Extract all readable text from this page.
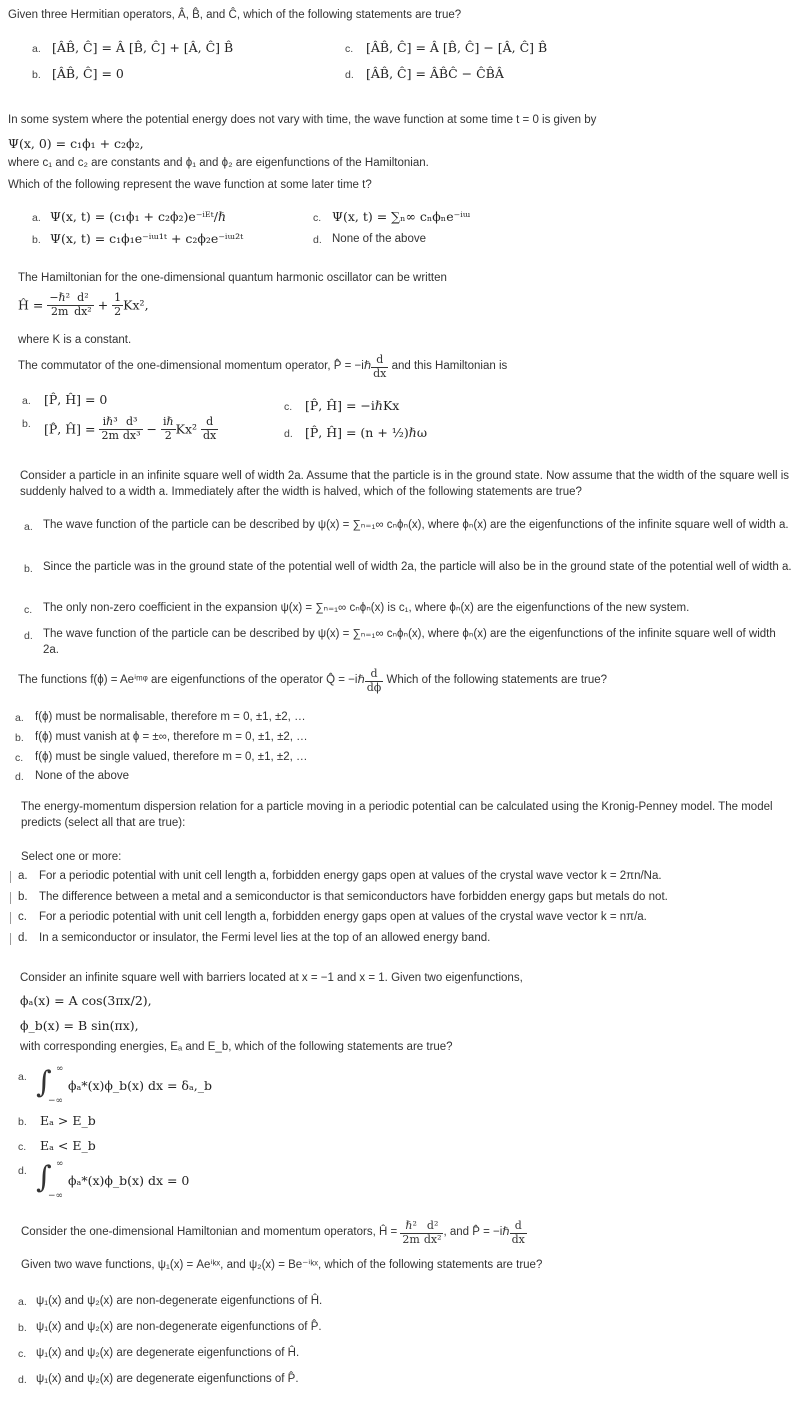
Given three Hermitian operators, Â, B̂, and Ĉ, which of the following statements are true?
a. [ÂB̂, Ĉ] = Â [B̂, Ĉ] + [Â, Ĉ] B̂
b. [ÂB̂, Ĉ] = 0
c. [ÂB̂, Ĉ] = Â [B̂, Ĉ] − [Â, Ĉ] B̂
d. [ÂB̂, Ĉ] = ÂB̂Ĉ − ĈB̂Â
In some system where the potential energy does not vary with time, the wave function at some time t = 0 is given by
Ψ(x, 0) = c₁ϕ₁ + c₂ϕ₂,
where c₁ and c₂ are constants and ϕ₁ and ϕ₂ are eigenfunctions of the Hamiltonian.
Which of the following represent the wave function at some later time t?
a. Ψ(x, t) = (c₁ϕ₁ + c₂ϕ₂)e⁻ⁱᴱᵗ/ℏ
b. Ψ(x, t) = c₁ϕ₁e⁻ⁱᵚ¹ᵗ + c₂ϕ₂e⁻ⁱᵚ²ᵗ
c. Ψ(x, t) = ∑ₙ∞ cₙϕₙe⁻ⁱᵚ
d. None of the above
The Hamiltonian for the one-dimensional quantum harmonic oscillator can be written
Ĥ = $\frac{\text{−ℏ²}}{2m} \frac{\text{d²}}{\text{dx²}} + \frac{1}{2} Kx^2$,
where K is a constant.
The commutator of the one-dimensional momentum operator, P̂ = −iℏ $\frac{d}{dx}$ and this Hamiltonian is
a. [P̂, Ĥ] = 0
b. [P̂, Ĥ] = $\frac{\text{iℏ³}}{2m} \frac{\text{d³}}{\text{dx³}} - \frac{\text{iℏ}}{2} Kx^2 \frac{d}{dx}$
c. [P̂, Ĥ] = −iℏKx
d. [P̂, Ĥ] = (n + ½)ℏω
Consider a particle in an infinite square well of width 2a. Assume that the particle is in the ground state. Now assume that the width of the square well is suddenly halved to a width a. Immediately after the width is halved, which of the following statements are true?
a. The wave function of the particle can be described by ψ(x) = ∑ₙ₌₁∞ cₙϕₙ(x), where ϕₙ(x) are the eigenfunctions of the infinite square well of width a.
b. Since the particle was in the ground state of the potential well of width 2a, the particle will also be in the ground state of the potential well of width a.
c. The only non-zero coefficient in the expansion ψ(x) = ∑ₙ₌₁∞ cₙϕₙ(x) is c₁, where ϕₙ(x) are the eigenfunctions of the new system.
d. The wave function of the particle can be described by ψ(x) = ∑ₙ₌₁∞ cₙϕₙ(x), where ϕₙ(x) are the eigenfunctions of the infinite square well of width 2a.
The functions f(ϕ) = Aeⁱᵐᵠ are eigenfunctions of the operator Q̂ = −iℏ $\frac{d}{d\phi}$ Which of the following statements are true?
a. f(ϕ) must be normalisable, therefore m = 0, ±1, ±2, …
b. f(ϕ) must vanish at ϕ = ±∞, therefore m = 0, ±1, ±2, …
c. f(ϕ) must be single valued, therefore m = 0, ±1, ±2, …
d. None of the above
The energy-momentum dispersion relation for a particle moving in a periodic potential can be calculated using the Kronig-Penney model. The model predicts (select all that are true):
Select one or more:
a. For a periodic potential with unit cell length a, forbidden energy gaps open at values of the crystal wave vector k = 2πn/Na.
b. The difference between a metal and a semiconductor is that semiconductors have forbidden energy gaps but metals do not.
c. For a periodic potential with unit cell length a, forbidden energy gaps open at values of the crystal wave vector k = nπ/a.
d. In a semiconductor or insulator, the Fermi level lies at the top of an allowed energy band.
Consider an infinite square well with barriers located at x = −1 and x = 1. Given two eigenfunctions,
ϕₐ(x) = A cos(3πx/2),
ϕ_b(x) = B sin(πx),
with corresponding energies, Eₐ and E_b, which of the following statements are true?
a. ∫ ∞
−∞
ϕₐ*(x)ϕ_b(x) dx = δₐ,_b
b. Eₐ > E_b
c. Eₐ < E_b
d. ∫ ∞
−∞
ϕₐ*(x)ϕ_b(x) dx = 0
Consider the one-dimensional Hamiltonian and momentum operators, Ĥ = $\frac{\text{ℏ²}}{2m} \frac{\text{d²}}{\text{dx²}}$ , and P̂ = −iℏ $\frac{d}{dx}$
Given two wave functions, ψ₁(x) = Aeⁱᵏˣ, and ψ₂(x) = Be⁻ⁱᵏˣ, which of the following statements are true?
a. ψ₁(x) and ψ₂(x) are non-degenerate eigenfunctions of Ĥ.
b. ψ₁(x) and ψ₂(x) are non-degenerate eigenfunctions of P̂.
c. ψ₁(x) and ψ₂(x) are degenerate eigenfunctions of Ĥ.
d. ψ₁(x) and ψ₂(x) are degenerate eigenfunctions of P̂.
